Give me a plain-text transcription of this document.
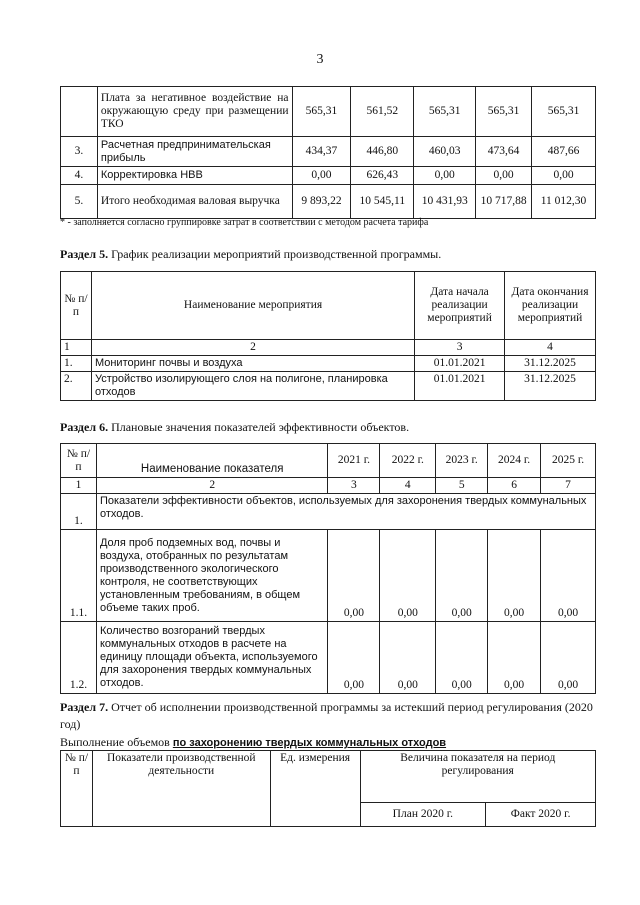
3
	Плата за негативное воздействие на окружающую среду при размещении ТКО	565,31	561,52	565,31	565,31	565,31
3.	Расчетная предпринимательская прибыль	434,37	446,80	460,03	473,64	487,66
4.	Корректировка НВВ	0,00	626,43	0,00	0,00	0,00
5.	Итого необходимая валовая выручка	9 893,22	10 545,11	10 431,93	10 717,88	11 012,30
* - заполняется согласно группировке затрат в соответствии с методом расчета тарифа
Раздел 5. График реализации мероприятий производственной программы.
№ п/п	Наименование мероприятия	Дата начала реализации мероприятий	Дата окончания реализации мероприятий
1	2	3	4
1.	Мониторинг почвы и воздуха	01.01.2021	31.12.2025
2.	Устройство изолирующего слоя на полигоне, планировка отходов	01.01.2021	31.12.2025
Раздел 6. Плановые значения показателей эффективности объектов.
№ п/п	Наименование показателя	2021 г.	2022 г.	2023 г.	2024 г.	2025 г.
1	2	3	4	5	6	7
1.	Показатели эффективности объектов, используемых для захоронения твердых коммунальных отходов.					
1.1.	Доля проб подземных вод, почвы и воздуха, отобранных по результатам производственного экологического контроля, не соответствующих установленным требованиям, в общем объеме таких проб.	0,00	0,00	0,00	0,00	0,00
1.2.	Количество возгораний твердых коммунальных отходов в расчете на единицу площади объекта, используемого для захоронения твердых коммунальных отходов.	0,00	0,00	0,00	0,00	0,00
Раздел 7. Отчет об исполнении производственной программы за истекший период регулирования (2020
год)
Выполнение объемов по захоронению твердых коммунальных отходов
№ п/п	Показатели производственной деятельности	Ед. измерения	Величина показателя на период регулирования	
			План 2020 г.	Факт 2020 г.
